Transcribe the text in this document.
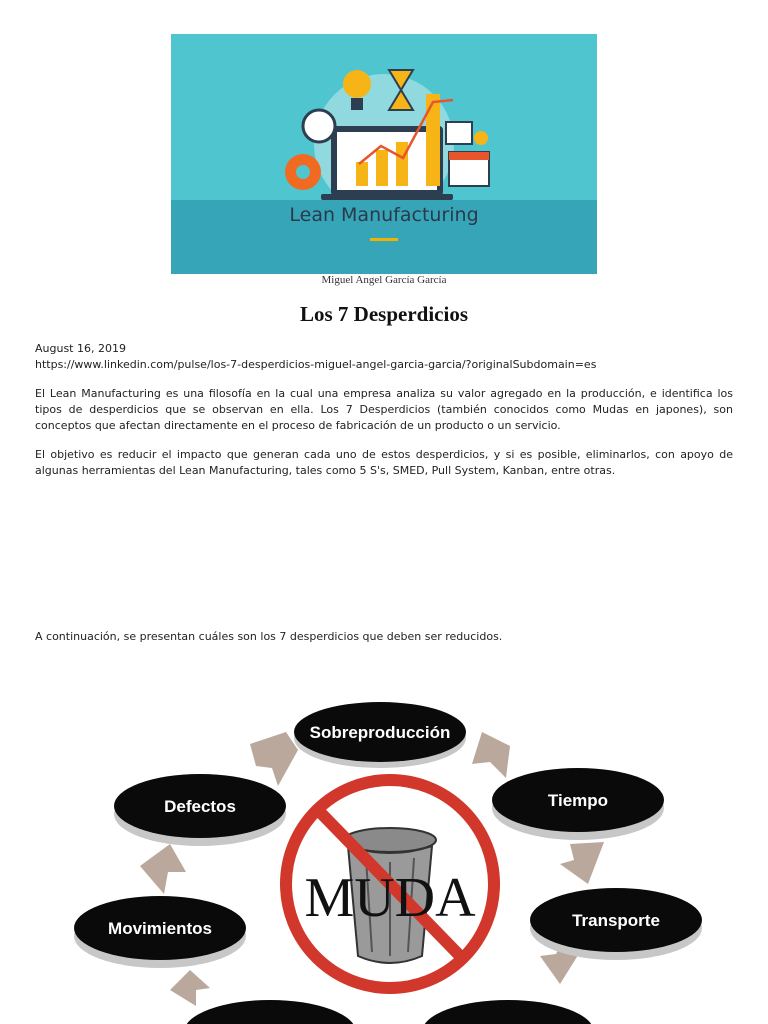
Lean Manufacturing
Miguel Angel García García
Los 7 Desperdicios
August 16, 2019
https://www.linkedin.com/pulse/los-7-desperdicios-miguel-angel-garcia-garcia/?originalSubdomain=es
El Lean Manufacturing es una filosofía en la cual una empresa analiza su valor agregado en la producción, e identifica los tipos de desperdicios que se observan en ella. Los 7 Desperdicios (también conocidos como Mudas en japones), son conceptos que afectan directamente en el proceso de fabricación de un producto o un servicio.
El objetivo es reducir el impacto que generan cada uno de estos desperdicios, y si es posible, eliminarlos, con apoyo de algunas herramientas del Lean Manufacturing, tales como 5 S's, SMED, Pull System, Kanban, entre otras.
A continuación, se presentan cuáles son los 7 desperdicios que deben ser reducidos.
MUDA
Sobreproducción
Tiempo
Transporte
Defectos
Movimientos
